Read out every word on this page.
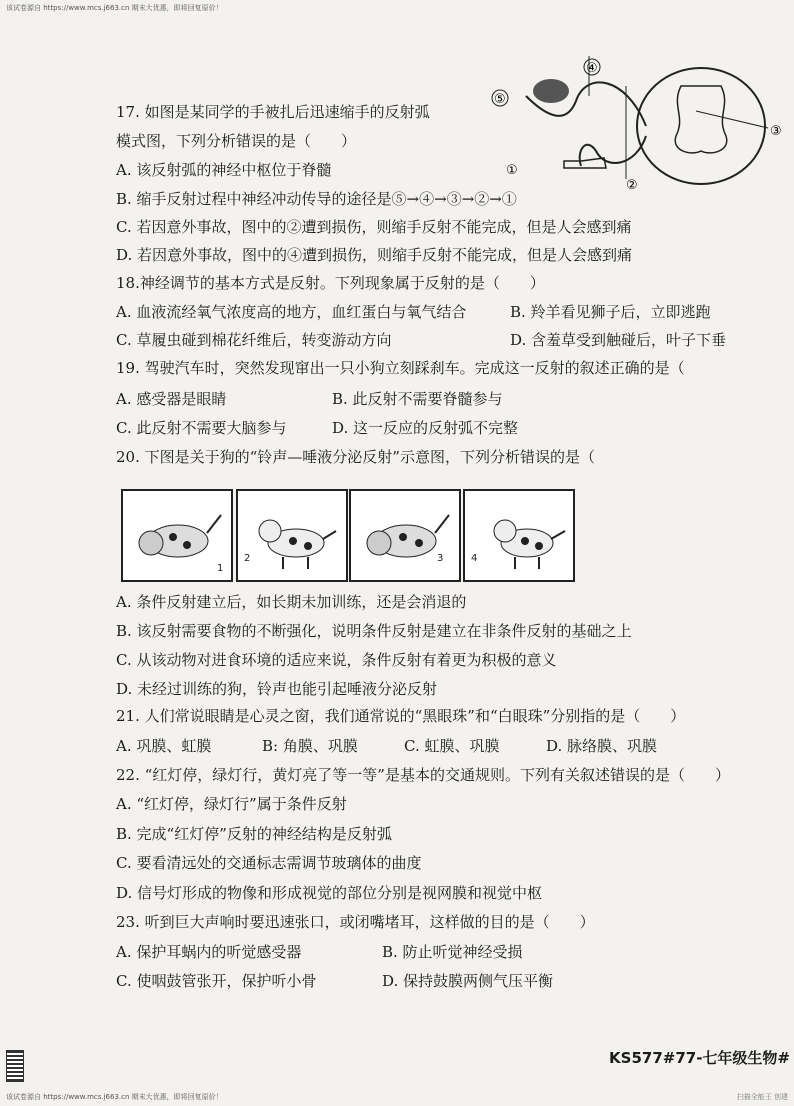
该试卷源自 https://www.mcs.j663.cn 期末大优惠，即将回复原价！
⑤
④
③
①
②
17. 如图是某同学的手被扎后迅速缩手的反射弧
模式图，下列分析错误的是（　　）
A. 该反射弧的神经中枢位于脊髓
B. 缩手反射过程中神经冲动传导的途径是⑤→④→③→②→①
C. 若因意外事故，图中的②遭到损伤，则缩手反射不能完成，但是人会感到痛
D. 若因意外事故，图中的④遭到损伤，则缩手反射不能完成，但是人会感到痛
18.神经调节的基本方式是反射。下列现象属于反射的是（　　）
A. 血液流经氧气浓度高的地方，血红蛋白与氧气结合	B. 羚羊看见狮子后，立即逃跑
C. 草履虫碰到棉花纤维后，转变游动方向	D. 含羞草受到触碰后，叶子下垂
19. 驾驶汽车时，突然发现窜出一只小狗立刻踩刹车。完成这一反射的叙述正确的是（
A. 感受器是眼睛	B. 此反射不需要脊髓参与
C. 此反射不需要大脑参与	D. 这一反应的反射弧不完整
20. 下图是关于狗的“铃声—唾液分泌反射”示意图，下列分析错误的是（
1
2	3	4
A. 条件反射建立后，如长期未加训练，还是会消退的
B. 该反射需要食物的不断强化，说明条件反射是建立在非条件反射的基础之上
C. 从该动物对进食环境的适应来说，条件反射有着更为积极的意义
D. 未经过训练的狗，铃声也能引起唾液分泌反射
21. 人们常说眼睛是心灵之窗，我们通常说的“黑眼珠”和“白眼珠”分别指的是（　　）
A. 巩膜、虹膜	B: 角膜、巩膜	C. 虹膜、巩膜	D. 脉络膜、巩膜
22. “红灯停，绿灯行，黄灯亮了等一等”是基本的交通规则。下列有关叙述错误的是（　　）
A. “红灯停，绿灯行”属于条件反射
B. 完成“红灯停”反射的神经结构是反射弧
C. 要看清远处的交通标志需调节玻璃体的曲度
D. 信号灯形成的物像和形成视觉的部位分别是视网膜和视觉中枢
23. 听到巨大声响时要迅速张口，或闭嘴堵耳，这样做的目的是（　　）
A. 保护耳蜗内的听觉感受器	B. 防止听觉神经受损
C. 使咽鼓管张开，保护听小骨	D. 保持鼓膜两侧气压平衡
KS577#77-七年级生物#
该试卷源自 https://www.mcs.j663.cn 期末大优惠，即将回复原价！	扫描全能王 创建
